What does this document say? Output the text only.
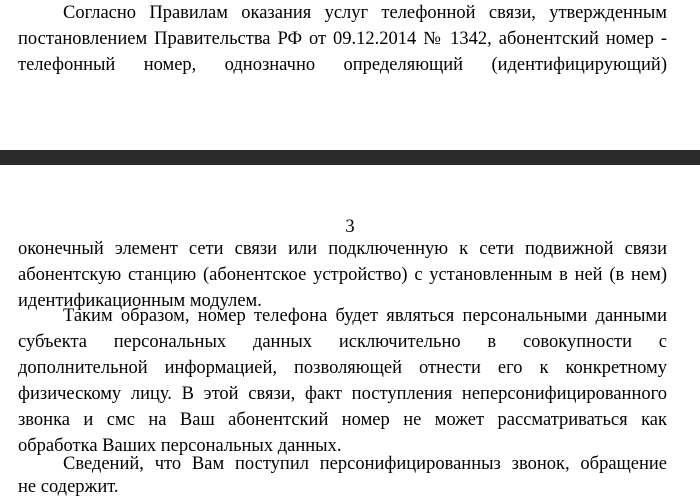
Согласно Правилам оказания услуг телефонной связи, утвержденным
постановлением Правительства РФ от 09.12.2014 № 1342, абонентский номер -
телефонный номер, однозначно определяющий (идентифицирующий)
3
оконечный элемент сети связи или подключенную к сети подвижной связи
абонентскую станцию (абонентское устройство) с установленным в ней (в нем)
идентификационным модулем.
Таким образом, номер телефона будет являться персональными данными
субъекта персональных данных исключительно в совокупности с
дополнительной информацией, позволяющей отнести его к конкретному
физическому лицу. В этой связи, факт поступления неперсонифицированного
звонка и смс на Ваш абонентский номер не может рассматриваться как
обработка Ваших персональных данных.
Сведений, что Вам поступил персонифицированныз звонок, обращение
не содержит.
